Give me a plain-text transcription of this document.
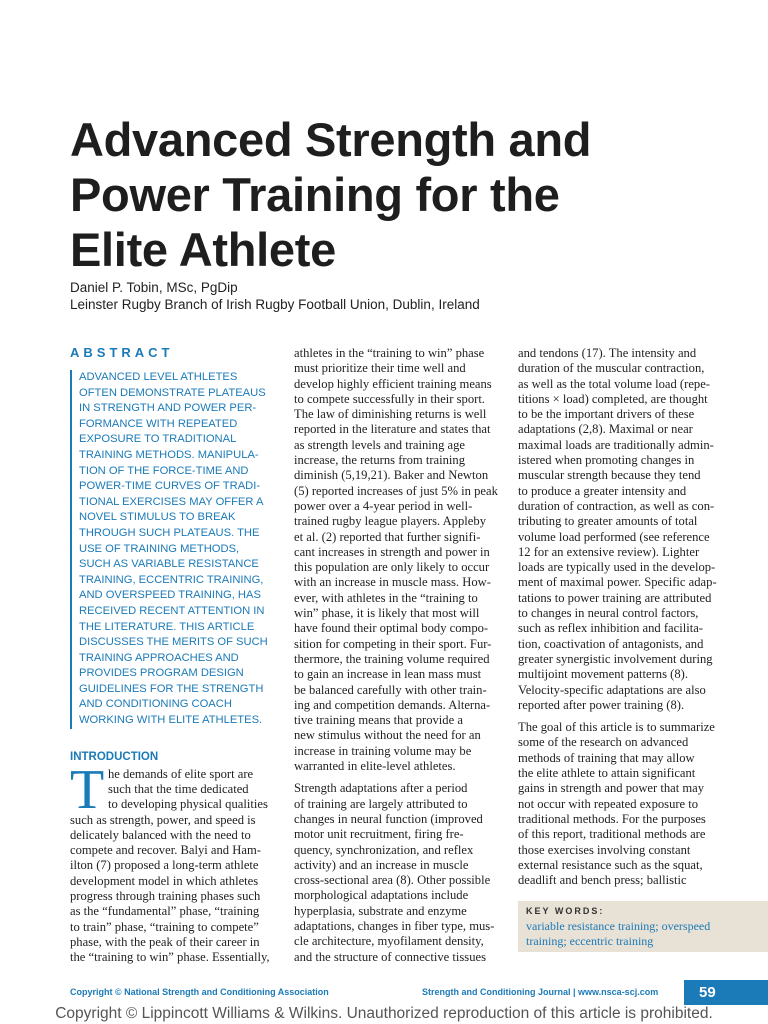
Advanced Strength and
Power Training for the
Elite Athlete
Daniel P. Tobin, MSc, PgDip
Leinster Rugby Branch of Irish Rugby Football Union, Dublin, Ireland
ABSTRACT
ADVANCED LEVEL ATHLETES
OFTEN DEMONSTRATE PLATEAUS
IN STRENGTH AND POWER PER-
FORMANCE WITH REPEATED
EXPOSURE TO TRADITIONAL
TRAINING METHODS. MANIPULA-
TION OF THE FORCE-TIME AND
POWER-TIME CURVES OF TRADI-
TIONAL EXERCISES MAY OFFER A
NOVEL STIMULUS TO BREAK
THROUGH SUCH PLATEAUS. THE
USE OF TRAINING METHODS,
SUCH AS VARIABLE RESISTANCE
TRAINING, ECCENTRIC TRAINING,
AND OVERSPEED TRAINING, HAS
RECEIVED RECENT ATTENTION IN
THE LITERATURE. THIS ARTICLE
DISCUSSES THE MERITS OF SUCH
TRAINING APPROACHES AND
PROVIDES PROGRAM DESIGN
GUIDELINES FOR THE STRENGTH
AND CONDITIONING COACH
WORKING WITH ELITE ATHLETES.
INTRODUCTION
T he demands of elite sport are
such that the time dedicated
to developing physical qualities
such as strength, power, and speed is
delicately balanced with the need to
compete and recover. Balyi and Ham-
ilton (7) proposed a long-term athlete
development model in which athletes
progress through training phases such
as the “fundamental” phase, “training
to train” phase, “training to compete”
phase, with the peak of their career in
the “training to win” phase. Essentially,
athletes in the “training to win” phase
must prioritize their time well and
develop highly efficient training means
to compete successfully in their sport.
The law of diminishing returns is well
reported in the literature and states that
as strength levels and training age
increase, the returns from training
diminish (5,19,21). Baker and Newton
(5) reported increases of just 5% in peak
power over a 4-year period in well-
trained rugby league players. Appleby
et al. (2) reported that further signifi-
cant increases in strength and power in
this population are only likely to occur
with an increase in muscle mass. How-
ever, with athletes in the “training to
win” phase, it is likely that most will
have found their optimal body compo-
sition for competing in their sport. Fur-
thermore, the training volume required
to gain an increase in lean mass must
be balanced carefully with other train-
ing and competition demands. Alterna-
tive training means that provide a
new stimulus without the need for an
increase in training volume may be
warranted in elite-level athletes.
Strength adaptations after a period
of training are largely attributed to
changes in neural function (improved
motor unit recruitment, firing fre-
quency, synchronization, and reflex
activity) and an increase in muscle
cross-sectional area (8). Other possible
morphological adaptations include
hyperplasia, substrate and enzyme
adaptations, changes in fiber type, mus-
cle architecture, myofilament density,
and the structure of connective tissues
and tendons (17). The intensity and
duration of the muscular contraction,
as well as the total volume load (repe-
titions × load) completed, are thought
to be the important drivers of these
adaptations (2,8). Maximal or near
maximal loads are traditionally admin-
istered when promoting changes in
muscular strength because they tend
to produce a greater intensity and
duration of contraction, as well as con-
tributing to greater amounts of total
volume load performed (see reference
12 for an extensive review). Lighter
loads are typically used in the develop-
ment of maximal power. Specific adap-
tations to power training are attributed
to changes in neural control factors,
such as reflex inhibition and facilita-
tion, coactivation of antagonists, and
greater synergistic involvement during
multijoint movement patterns (8).
Velocity-specific adaptations are also
reported after power training (8).
The goal of this article is to summarize
some of the research on advanced
methods of training that may allow
the elite athlete to attain significant
gains in strength and power that may
not occur with repeated exposure to
traditional methods. For the purposes
of this report, traditional methods are
those exercises involving constant
external resistance such as the squat,
deadlift and bench press; ballistic
KEY WORDS:
variable resistance training; overspeed
training; eccentric training
Copyright © National Strength and Conditioning Association	Strength and Conditioning Journal | www.nsca-scj.com	59
Copyright © Lippincott Williams & Wilkins. Unauthorized reproduction of this article is prohibited.
